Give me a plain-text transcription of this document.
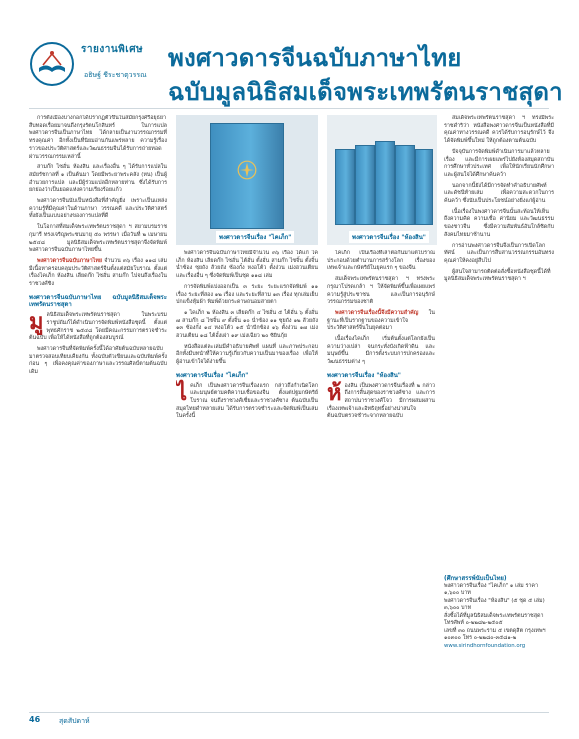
รายงานพิเศษ
อธิษฐ์ ชีระชาตุวรรณ
พงศาวดารจีนฉบับภาษาไทย
ฉบับมูลนิธิสมเด็จพระเทพรัตนราชสุดา

การตั้งเมืองบางกอกได้ปรากฏตัวขึ้นในสมัยกรุงศรีอยุธยา สืบทอดเรื่อยมาจนถึงกรุงรัตนโกสินทร์ ในการแปลพงศาวดารจีนเป็นภาษาไทย ได้กลายเป็นงานวรรณกรรมที่ทรงคุณค่า อีกทั้งเป็นที่นิยมอ่านกันแพร่หลาย ความรู้เรื่องราวของประวัติศาสตร์และวัฒนธรรมจีนได้รับการถ่ายทอดผ่านวรรณกรรมเหล่านี้

สามก๊ก ไซฮั่น ห้องสิน และเรื่องอื่น ๆ ได้รับการแปลในสมัยรัชกาลที่ ๑ เป็นต้นมา โดยมีพระยาพระคลัง (หน) เป็นผู้อำนวยการแปล และมีผู้ร่วมแปลอีกหลายท่าน ซึ่งได้รับการยกย่องว่าเป็นยอดแห่งความเรียงร้อยแก้ว

พงศาวดารจีนนับเป็นหนังสือที่สำคัญยิ่ง เพราะเป็นแหล่งความรู้ที่มีคุณค่าในด้านภาษา วรรณคดี และประวัติศาสตร์ ทั้งยังเป็นแบบอย่างของการแปลที่ดี

ในโอกาสที่สมเด็จพระเทพรัตนราชสุดา ฯ สยามบรมราชกุมารี ทรงเจริญพระชนมายุ ๕๐ พรรษา เมื่อวันที่ ๒ เมษายน ๒๕๔๘ มูลนิธิสมเด็จพระเทพรัตนราชสุดาจึงจัดพิมพ์พงศาวดารจีนฉบับภาษาไทยขึ้น

พงศาวดารจีนฉบับภาษาไทย จำนวน ๓๖ เรื่อง ๑๑๘ เล่ม มีเนื้อหาครอบคลุมประวัติศาสตร์จีนตั้งแต่สมัยโบราณ ตั้งแต่เรื่องไคเภ็ก ห้องสิน เลียดก๊ก ไซฮั่น สามก๊ก ไปจนถึงเรื่องในราชวงศ์ชิง

พงศาวดารจีนฉบับภาษาไทย ฉบับมูลนิธิสมเด็จพระเทพรัตนราชสุดา

มูลนิธิสมเด็จพระเทพรัตนราชสุดา ในพระบรมราชูปถัมภ์ได้ดำเนินการจัดพิมพ์หนังสือชุดนี้ ตั้งแต่พุทธศักราช ๒๕๔๘ โดยมีคณะกรรมการตรวจชำระต้นฉบับ เพื่อให้ได้หนังสือที่ถูกต้องสมบูรณ์

พงศาวดารจีนที่จัดพิมพ์ครั้งนี้ได้อาศัยต้นฉบับหลายฉบับมาตรวจสอบเทียบเคียงกัน ทั้งฉบับตัวเขียนและฉบับพิมพ์ครั้งก่อน ๆ เพื่อคงคุณค่าของภาษาและวรรณศิลป์ตามต้นฉบับเดิม

พงศาวดารจีนเรื่อง "ไคเภ็ก"	พงศาวดารจีนเรื่อง "ห้องสิน"

พงศาวดารจีนฉบับภาษาไทยมีจำนวน ๓๖ เรื่อง ได้แก่ ไคเภ็ก ห้องสิน เลียดก๊ก ไซฮั่น ไต้ฮั่น ตั้งฮั่น สามก๊ก ไซจิ้น ตั้งจิ้น น่ำซ้อง ซุยถัง ส้วยถัง ซ้องกั๋ง หงอโต้ว ตั้งง่วน เม่งฮวนเตียน และเรื่องอื่น ๆ ซึ่งจัดพิมพ์เป็นชุด ๑๑๘ เล่ม

การจัดพิมพ์แบ่งออกเป็น ๓ ระยะ ระยะแรกจัดพิมพ์ ๑๑ เรื่อง ระยะที่สอง ๑๒ เรื่อง และระยะที่สาม ๑๓ เรื่อง ทุกเล่มเย็บปกแข็งหุ้มผ้า พิมพ์ด้วยกระดาษถนอมสายตา

๑ ไคเภ็ก ๒ ห้องสิน ๓ เลียดก๊ก ๔ ไซฮั่น ๕ ไต้ฮั่น ๖ ตั้งฮั่น ๗ สามก๊ก ๘ ไซจิ้น ๙ ตั้งจิ้น ๑๐ น่ำซ้อง ๑๑ ซุยถัง ๑๒ ส้วยถัง ๑๓ ซ้องกั๋ง ๑๔ หงอโต้ว ๑๕ น่ำปักซ้อง ๑๖ ตั้งง่วน ๑๗ เม่งฮวนเตียน ๑๘ ไต้อั้งเผ่า ๑๙ เม่งเฉียว ๒๐ ซิยินกุ้ย

หนังสือแต่ละเล่มมีคำอธิบายศัพท์ แผนที่ และภาพประกอบ อีกทั้งมีบทนำที่ให้ความรู้เกี่ยวกับความเป็นมาของเรื่อง เพื่อให้ผู้อ่านเข้าใจได้ง่ายขึ้น

พงศาวดารจีนเรื่อง "ไคเภ็ก"

ไคเภ็ก เป็นพงศาวดารจีนเรื่องแรก กล่าวถึงกำเนิดโลกและมนุษย์ตามคติความเชื่อของจีน ตั้งแต่ปฐมกษัตริย์โบราณ จนถึงราชวงศ์เซี่ยและราชวงศ์ซาง ต้นฉบับเป็นสมุดไทยดำหลายเล่ม ได้รับการตรวจชำระและจัดพิมพ์เป็นเล่มในครั้งนี้

ไคเภ็ก เป็นเรื่องที่เล่าต่อกันมาแต่โบราณ ประกอบด้วยตำนานการสร้างโลก เรื่องของเทพเจ้าและกษัตริย์ในยุคแรก ๆ ของจีน

สมเด็จพระเทพรัตนราชสุดา ฯ ทรงพระกรุณาโปรดเกล้า ฯ ให้จัดพิมพ์ขึ้นเพื่อเผยแพร่ความรู้สู่ประชาชน และเป็นการอนุรักษ์วรรณกรรมของชาติ

พงศาวดารจีนเรื่องนี้จึงมีความสำคัญ ในฐานะที่เป็นรากฐานของความเข้าใจประวัติศาสตร์จีนในยุคต่อมา

เนื้อเรื่องไคเภ็ก เริ่มต้นตั้งแต่โลกยังเป็นความว่างเปล่า จนกระทั่งบังเกิดฟ้าดิน และมนุษย์ขึ้น มีการตั้งระบบการปกครองและวัฒนธรรมต่าง ๆ

พงศาวดารจีนเรื่อง "ห้องสิน"

ห้องสิน เป็นพงศาวดารจีนเรื่องที่ ๒ กล่าวถึงการสิ้นสุดของราชวงศ์ซาง และการสถาปนาราชวงศ์โจว มีการผสมผสานเรื่องเทพเจ้าและอิทธิฤทธิ์อย่างน่าสนใจ ต้นฉบับตรวจชำระจากหลายฉบับ

สมเด็จพระเทพรัตนราชสุดา ฯ ทรงมีพระราชดำริว่า หนังสือพงศาวดารจีนเป็นหนังสือที่มีคุณค่าทางวรรณคดี ควรได้รับการอนุรักษ์ไว้ จึงได้จัดพิมพ์ขึ้นใหม่ ให้ถูกต้องตามต้นฉบับ

ปัจจุบันการจัดพิมพ์ดำเนินการมาแล้วหลายเรื่อง และมีการเผยแพร่ไปยังห้องสมุดสถาบันการศึกษาทั่วประเทศ เพื่อให้นักเรียนนักศึกษาและผู้สนใจได้ศึกษาค้นคว้า

นอกจากนี้ยังได้มีการจัดทำคำอธิบายศัพท์และดัชนีท้ายเล่ม เพื่อความสะดวกในการค้นคว้า ซึ่งนับเป็นประโยชน์อย่างยิ่งแก่ผู้อ่าน

เนื้อเรื่องในพงศาวดารจีนนั้นสะท้อนให้เห็นถึงความคิด ความเชื่อ ค่านิยม และวัฒนธรรมของชาวจีน ซึ่งมีความสัมพันธ์อันใกล้ชิดกับสังคมไทยมาช้านาน

การอ่านพงศาวดารจีนจึงเป็นการเปิดโลกทัศน์ และเป็นการสืบสานวรรณกรรมอันทรงคุณค่าให้คงอยู่สืบไป

ผู้สนใจสามารถติดต่อสั่งซื้อหนังสือชุดนี้ได้ที่มูลนิธิสมเด็จพระเทพรัตนราชสุดา ฯ

(ศึกษาสรรพ์นับเป็นไทย)
พงศาวดารจีนเรื่อง "ไคเภ็ก" ๑ เล่ม ราคา ๑,๖๐๐ บาท
พงศาวดารจีนเรื่อง "ห้องสิน" (๕ ชุด ๕ เล่ม) ๓,๖๐๐ บาท
สั่งซื้อได้ที่มูลนิธิสมเด็จพระเทพรัตนราชสุดา โทรศัพท์ ๐-๒๒๘๒-๒๕๐๕
เลขที่ ๓๐ ถนนพระราม ๕ เขตดุสิต กรุงเทพฯ ๑๐๓๐๐ โทร ๐-๒๒๘๐-๓๕๘๑-๒
www.sirindhornfoundation.org
46	สุดสัปดาห์
